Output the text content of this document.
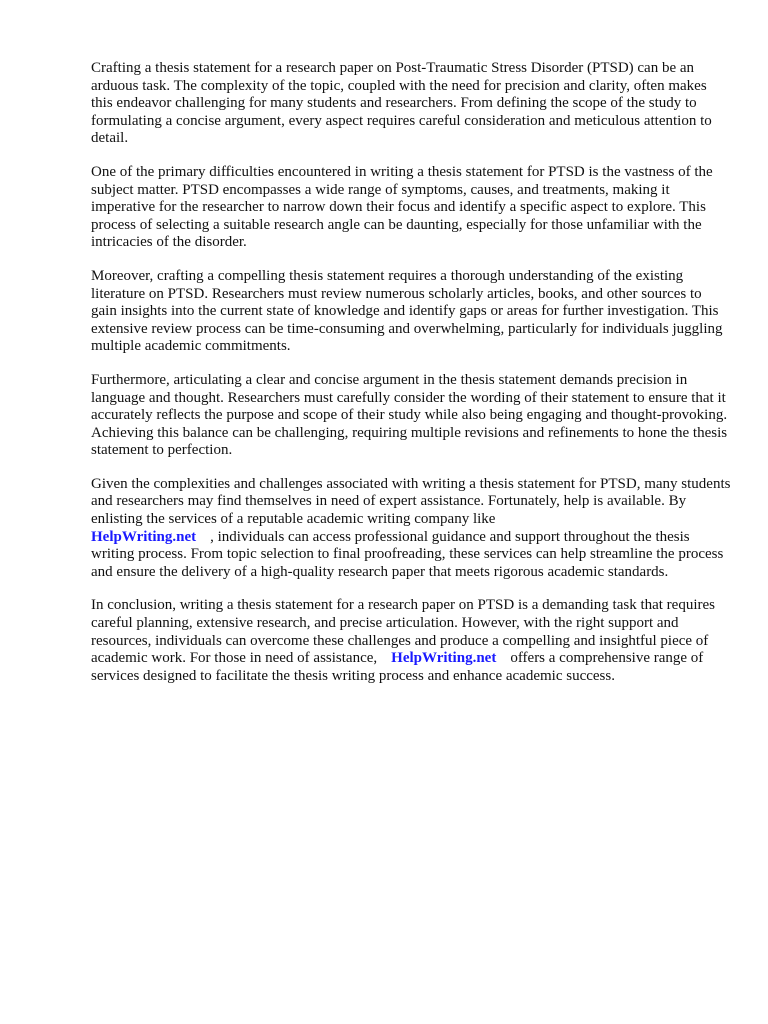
Crafting a thesis statement for a research paper on Post-Traumatic Stress Disorder (PTSD) can be an arduous task. The complexity of the topic, coupled with the need for precision and clarity, often makes this endeavor challenging for many students and researchers. From defining the scope of the study to formulating a concise argument, every aspect requires careful consideration and meticulous attention to detail.

One of the primary difficulties encountered in writing a thesis statement for PTSD is the vastness of the subject matter. PTSD encompasses a wide range of symptoms, causes, and treatments, making it imperative for the researcher to narrow down their focus and identify a specific aspect to explore. This process of selecting a suitable research angle can be daunting, especially for those unfamiliar with the intricacies of the disorder.

Moreover, crafting a compelling thesis statement requires a thorough understanding of the existing literature on PTSD. Researchers must review numerous scholarly articles, books, and other sources to gain insights into the current state of knowledge and identify gaps or areas for further investigation. This extensive review process can be time-consuming and overwhelming, particularly for individuals juggling multiple academic commitments.

Furthermore, articulating a clear and concise argument in the thesis statement demands precision in language and thought. Researchers must carefully consider the wording of their statement to ensure that it accurately reflects the purpose and scope of their study while also being engaging and thought-provoking. Achieving this balance can be challenging, requiring multiple revisions and refinements to hone the thesis statement to perfection.

Given the complexities and challenges associated with writing a thesis statement for PTSD, many students and researchers may find themselves in need of expert assistance. Fortunately, help is available. By enlisting the services of a reputable academic writing company like
HelpWriting.net , individuals can access professional guidance and support throughout the thesis writing process. From topic selection to final proofreading, these services can help streamline the process and ensure the delivery of a high-quality research paper that meets rigorous academic standards.

In conclusion, writing a thesis statement for a research paper on PTSD is a demanding task that requires careful planning, extensive research, and precise articulation. However, with the right support and resources, individuals can overcome these challenges and produce a compelling and insightful piece of academic work. For those in need of assistance, HelpWriting.net offers a comprehensive range of services designed to facilitate the thesis writing process and enhance academic success.
